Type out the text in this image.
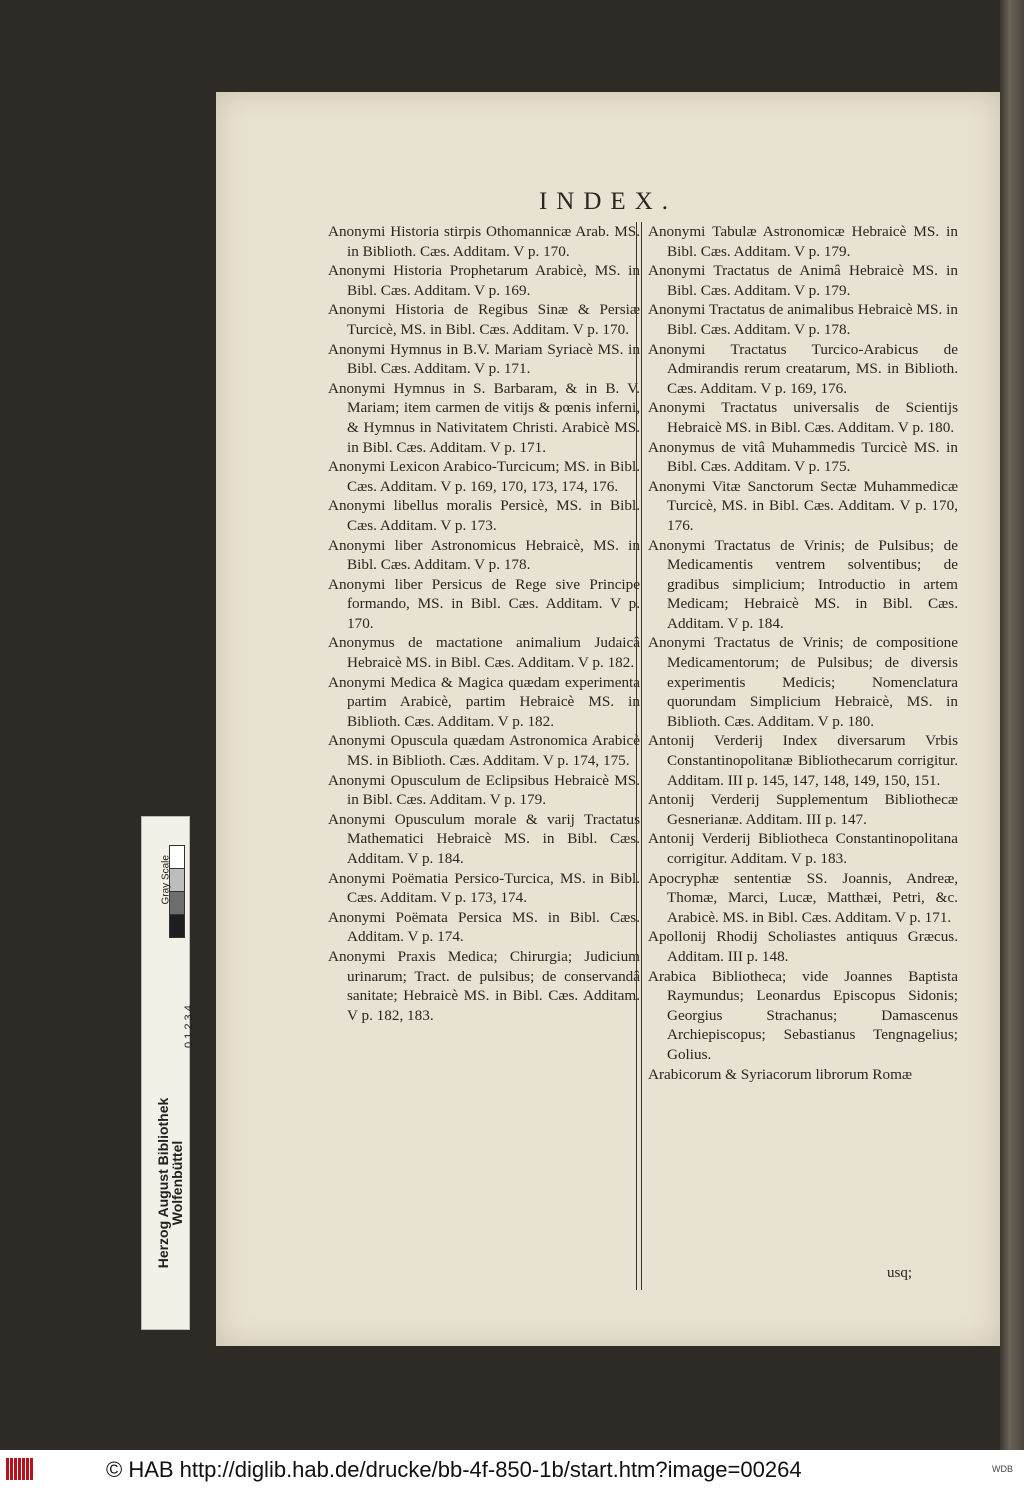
INDEX.
Anonymi Historia stirpis Othomannicæ Arab. MS. in Biblioth. Cæs. Additam. V p. 170.
Anonymi Historia Prophetarum Arabicè, MS. in Bibl. Cæs. Additam. V p. 169.
Anonymi Historia de Regibus Sinæ & Persiæ Turcicè, MS. in Bibl. Cæs. Additam. V p. 170.
Anonymi Hymnus in B.V. Mariam Syriacè MS. in Bibl. Cæs. Additam. V p. 171.
Anonymi Hymnus in S. Barbaram, & in B. V. Mariam; item carmen de vitijs & pœnis inferni, & Hymnus in Nativitatem Christi. Arabicè MS. in Bibl. Cæs. Additam. V p. 171.
Anonymi Lexicon Arabico-Turcicum; MS. in Bibl. Cæs. Additam. V p. 169, 170, 173, 174, 176.
Anonymi libellus moralis Persicè, MS. in Bibl. Cæs. Additam. V p. 173.
Anonymi liber Astronomicus Hebraicè, MS. in Bibl. Cæs. Additam. V p. 178.
Anonymi liber Persicus de Rege sive Principe formando, MS. in Bibl. Cæs. Additam. V p. 170.
Anonymus de mactatione animalium Judaicâ Hebraicè MS. in Bibl. Cæs. Additam. V p. 182.
Anonymi Medica & Magica quædam experimenta partim Arabicè, partim Hebraicè MS. in Biblioth. Cæs. Additam. V p. 182.
Anonymi Opuscula quædam Astronomica Arabicè MS. in Biblioth. Cæs. Additam. V p. 174, 175.
Anonymi Opusculum de Eclipsibus Hebraicè MS. in Bibl. Cæs. Additam. V p. 179.
Anonymi Opusculum morale & varij Tractatus Mathematici Hebraicè MS. in Bibl. Cæs. Additam. V p. 184.
Anonymi Poëmatia Persico-Turcica, MS. in Bibl. Cæs. Additam. V p. 173, 174.
Anonymi Poëmata Persica MS. in Bibl. Cæs. Additam. V p. 174.
Anonymi Praxis Medica; Chirurgia; Judicium urinarum; Tract. de pulsibus; de conservandâ sanitate; Hebraicè MS. in Bibl. Cæs. Additam. V p. 182, 183.
Anonymi Tabulæ Astronomicæ Hebraicè MS. in Bibl. Cæs. Additam. V p. 179.
Anonymi Tractatus de Animâ Hebraicè MS. in Bibl. Cæs. Additam. V p. 179.
Anonymi Tractatus de animalibus Hebraicè MS. in Bibl. Cæs. Additam. V p. 178.
Anonymi Tractatus Turcico-Arabicus de Admirandis rerum creatarum, MS. in Biblioth. Cæs. Additam. V p. 169, 176.
Anonymi Tractatus universalis de Scientijs Hebraicè MS. in Bibl. Cæs. Additam. V p. 180.
Anonymus de vitâ Muhammedis Turcicè MS. in Bibl. Cæs. Additam. V p. 175.
Anonymi Vitæ Sanctorum Sectæ Muhammedicæ Turcicè, MS. in Bibl. Cæs. Additam. V p. 170, 176.
Anonymi Tractatus de Vrinis; de Pulsibus; de Medicamentis ventrem solventibus; de gradibus simplicium; Introductio in artem Medicam; Hebraicè MS. in Bibl. Cæs. Additam. V p. 184.
Anonymi Tractatus de Vrinis; de compositione Medicamentorum; de Pulsibus; de diversis experimentis Medicis; Nomenclatura quorundam Simplicium Hebraicè, MS. in Biblioth. Cæs. Additam. V p. 180.
Antonij Verderij Index diversarum Vrbis Constantinopolitanæ Bibliothecarum corrigitur. Additam. III p. 145, 147, 148, 149, 150, 151.
Antonij Verderij Supplementum Bibliothecæ Gesnerianæ. Additam. III p. 147.
Antonij Verderij Bibliotheca Constantinopolitana corrigitur. Additam. V p. 183.
Apocryphæ sententiæ SS. Joannis, Andreæ, Thomæ, Marci, Lucæ, Matthæi, Petri, &c. Arabicè. MS. in Bibl. Cæs. Additam. V p. 171.
Apollonij Rhodij Scholiastes antiquus Græcus. Additam. III p. 148.
Arabica Bibliotheca; vide Joannes Baptista Raymundus; Leonardus Episcopus Sidonis; Georgius Strachanus; Damascenus Archiepiscopus; Sebastianus Tengnagelius; Golius.
Arabicorum & Syriacorum librorum Romæ
usq;
Gray Scale
0 1 2 3 4
Herzog August Bibliothek
Wolfenbüttel
© HAB http://diglib.hab.de/drucke/bb-4f-850-1b/start.htm?image=00264	WDB
